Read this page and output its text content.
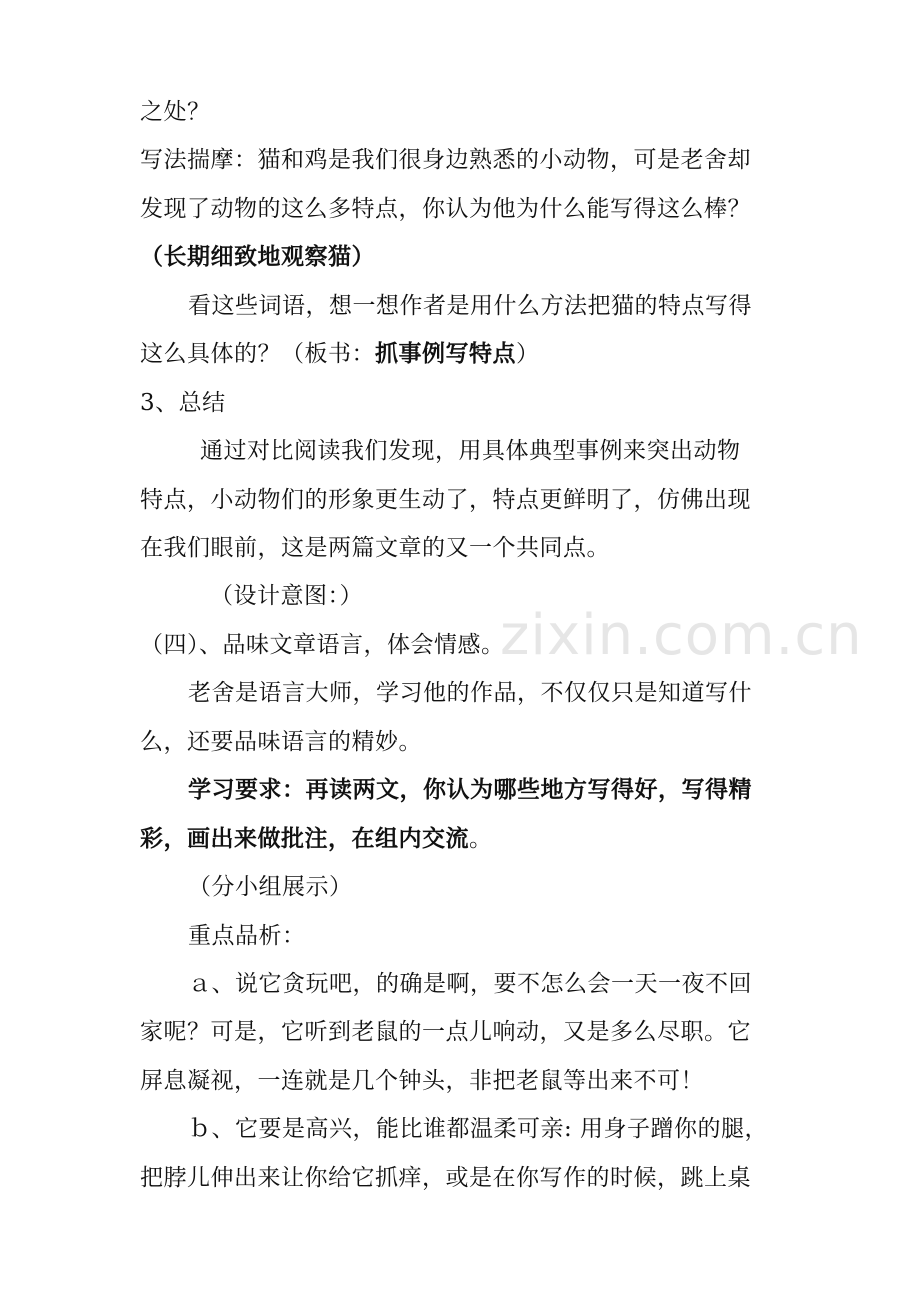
zixin.com.cn
之处？
写法揣摩：猫和鸡是我们很身边熟悉的小动物，可是老舍却
发现了动物的这么多特点，你认为他为什么能写得这么棒？
（长期细致地观察猫）
看这些词语，想一想作者是用什么方法把猫的特点写得
这么具体的？（板书：抓事例写特点）
3、总结
通过对比阅读我们发现，用具体典型事例来突出动物
特点，小动物们的形象更生动了，特点更鲜明了，仿佛出现
在我们眼前，这是两篇文章的又一个共同点。
（设计意图：）
（四）、品味文章语言，体会情感。
老舍是语言大师，学习他的作品，不仅仅只是知道写什
么，还要品味语言的精妙。
学习要求：再读两文，你认为哪些地方写得好，写得精
彩，画出来做批注，在组内交流。
（分小组展示）
重点品析：
ａ、说它贪玩吧，的确是啊，要不怎么会一天一夜不回
家呢？可是，它听到老鼠的一点儿响动，又是多么尽职。它
屏息凝视，一连就是几个钟头，非把老鼠等出来不可！
ｂ、它要是高兴，能比谁都温柔可亲: 用身子蹭你的腿，
把脖儿伸出来让你给它抓痒，或是在你写作的时候，跳上桌
